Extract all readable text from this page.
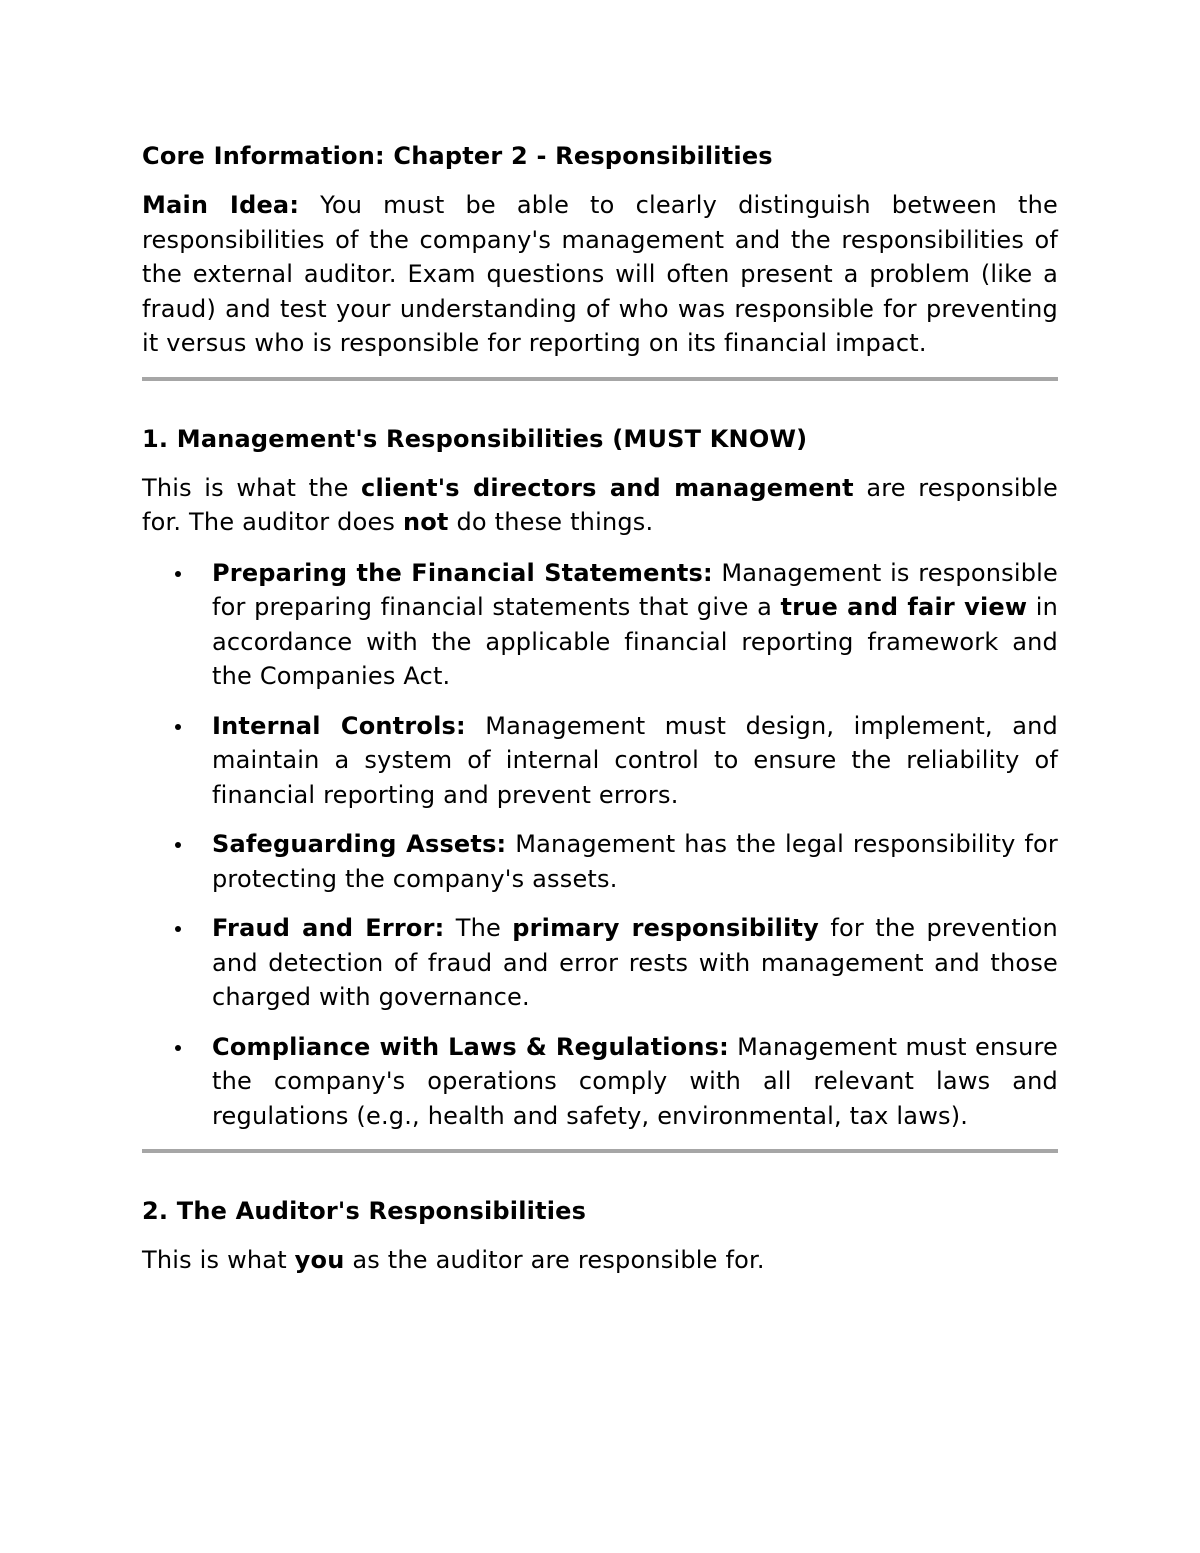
Core Information: Chapter 2 - Responsibilities

Main Idea: You must be able to clearly distinguish between the responsibilities of the company's management and the responsibilities of the external auditor. Exam questions will often present a problem (like a fraud) and test your understanding of who was responsible for preventing it versus who is responsible for reporting on its financial impact.

1. Management's Responsibilities (MUST KNOW)

This is what the client's directors and management are responsible for. The auditor does not do these things.

Preparing the Financial Statements: Management is responsible for preparing financial statements that give a true and fair view in accordance with the applicable financial reporting framework and the Companies Act.
Internal Controls: Management must design, implement, and maintain a system of internal control to ensure the reliability of financial reporting and prevent errors.
Safeguarding Assets: Management has the legal responsibility for protecting the company's assets.
Fraud and Error: The primary responsibility for the prevention and detection of fraud and error rests with management and those charged with governance.
Compliance with Laws & Regulations: Management must ensure the company's operations comply with all relevant laws and regulations (e.g., health and safety, environmental, tax laws).
2. The Auditor's Responsibilities

This is what you as the auditor are responsible for.
